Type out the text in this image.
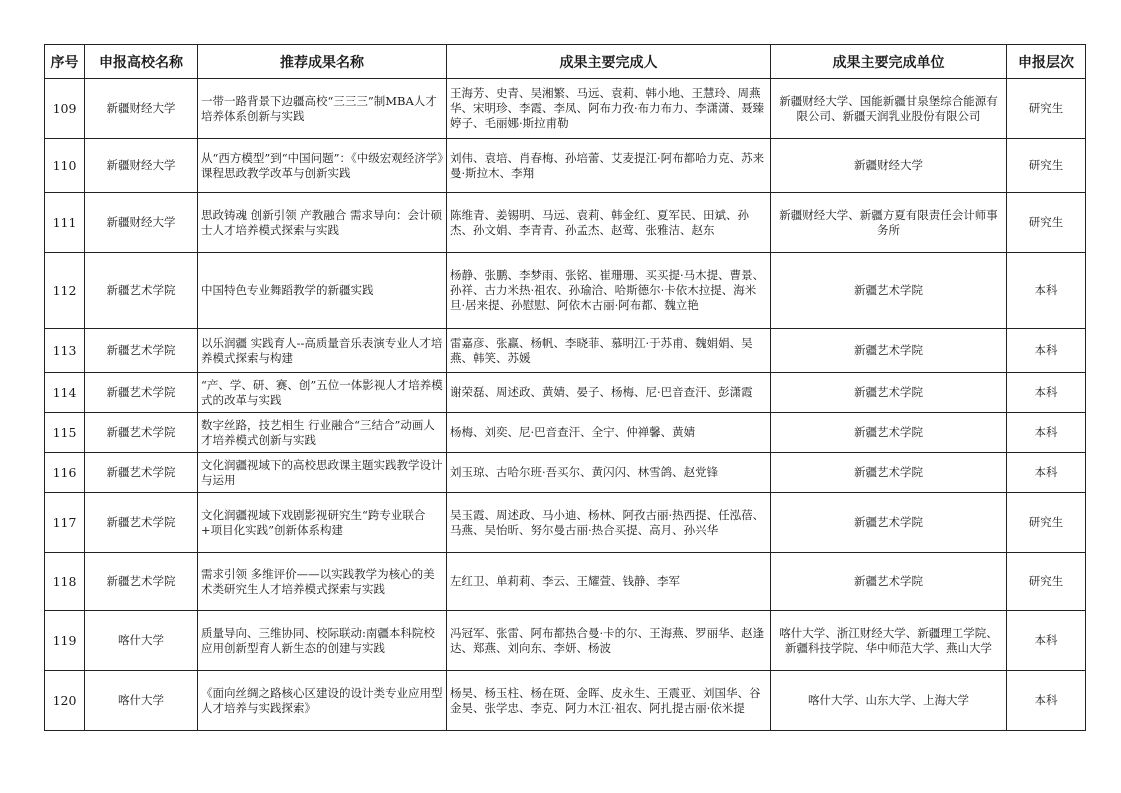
序号	申报高校名称	推荐成果名称	成果主要完成人	成果主要完成单位	申报层次
109	新疆财经大学	一带一路背景下边疆高校“三三三”制MBA人才培养体系创新与实践	王海芳、史青、吴湘繁、马远、袁莉、韩小地、王慧玲、周燕华、宋明珍、李霞、李凤、阿布力孜·布力布力、李潇潇、聂臻婷子、毛丽娜·斯拉甫勒	新疆财经大学、国能新疆甘泉堡综合能源有限公司、新疆天润乳业股份有限公司	研究生
110	新疆财经大学	从“西方模型”到“中国问题”：《中级宏观经济学》课程思政教学改革与创新实践	刘伟、袁培、肖春梅、孙培蕾、艾麦提江·阿布都哈力克、苏来曼·斯拉木、李翔	新疆财经大学	研究生
111	新疆财经大学	思政铸魂 创新引领 产教融合 需求导向：会计硕士人才培养模式探索与实践	陈维青、姜锡明、马远、袁莉、韩金红、夏军民、田斌、孙杰、孙文娟、李青青、孙孟杰、赵莺、张雅洁、赵东	新疆财经大学、新疆方夏有限责任会计师事务所	研究生
112	新疆艺术学院	中国特色专业舞蹈教学的新疆实践	杨静、张鹏、李梦雨、张铭、崔珊珊、买买提·马木提、曹景、孙祥、古力米热·祖农、孙瑜洽、哈斯德尔·卡依木拉提、海米旦·居来提、孙慰慰、阿依木古丽·阿布都、魏立艳	新疆艺术学院	本科
113	新疆艺术学院	以乐润疆 实践育人--高质量音乐表演专业人才培养模式探索与构建	雷嘉彦、张赢、杨帆、李晓菲、慕明江·于苏甫、魏娟娟、吴燕、韩笑、苏媛	新疆艺术学院	本科
114	新疆艺术学院	“产、学、研、赛、创”五位一体影视人才培养模式的改革与实践	谢荣磊、周述政、黄婧、晏子、杨梅、尼·巴音查汗、彭潇霞	新疆艺术学院	本科
115	新疆艺术学院	数字丝路，技艺相生 行业融合“三结合”动画人才培养模式创新与实践	杨梅、刘奕、尼·巴音查汗、全宁、仲禅馨、黄婧	新疆艺术学院	本科
116	新疆艺术学院	文化润疆视域下的高校思政课主题实践教学设计与运用	刘玉琼、古哈尔班·吾买尔、黄闪闪、林雪鸽、赵党锋	新疆艺术学院	本科
117	新疆艺术学院	文化润疆视域下戏剧影视研究生“跨专业联合+项目化实践”创新体系构建	吴玉霞、周述政、马小迪、杨林、阿孜古丽·热西提、任泓蓓、马燕、吴怡昕、努尔曼古丽·热合买提、高月、孙兴华	新疆艺术学院	研究生
118	新疆艺术学院	需求引领 多维评价——以实践教学为核心的美术类研究生人才培养模式探索与实践	左红卫、单莉莉、李云、王耀萱、钱静、李军	新疆艺术学院	研究生
119	喀什大学	质量导向、三维协同、校际联动:南疆本科院校应用创新型育人新生态的创建与实践	冯冠军、张雷、阿布都热合曼·卡的尔、王海燕、罗丽华、赵逢达、郑燕、刘向东、李妍、杨波	喀什大学、浙江财经大学、新疆理工学院、新疆科技学院、华中师范大学、燕山大学	本科
120	喀什大学	《面向丝绸之路核心区建设的设计类专业应用型人才培养与实践探索》	杨昊、杨玉柱、杨在斑、金晖、皮永生、王震亚、刘国华、谷金昊、张学忠、李克、阿力木江·祖农、阿扎提古丽·依米提	喀什大学、山东大学、上海大学	本科
